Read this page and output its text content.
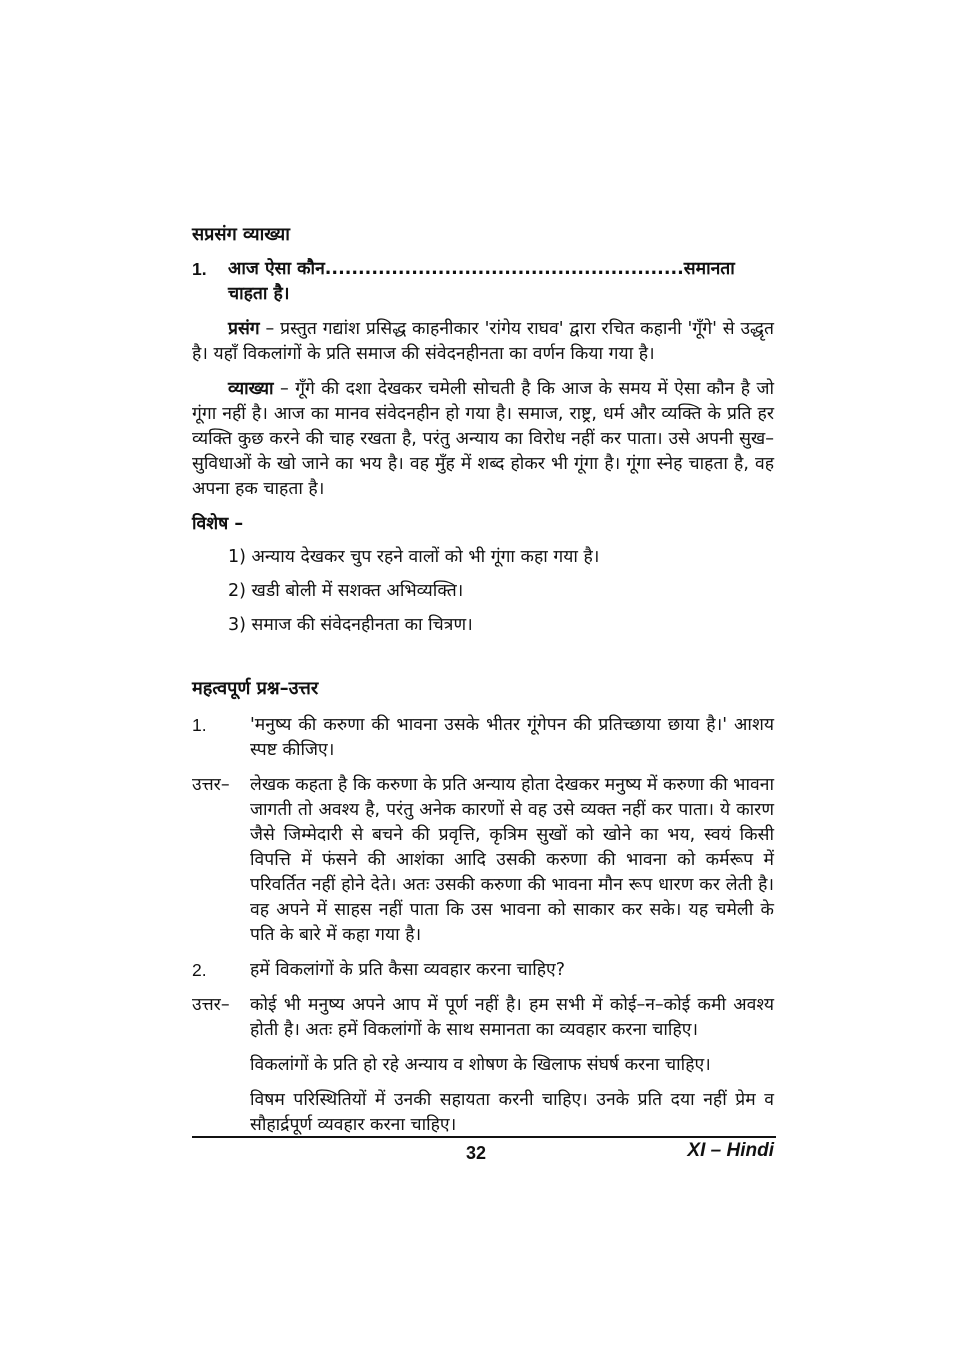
सप्रसंग व्याख्या
1.	आज ऐसा कौन......................................................समानता चाहता है।

प्रसंग – प्रस्तुत गद्यांश प्रसिद्ध काहनीकार 'रांगेय राघव' द्वारा रचित कहानी 'गूँगे' से उद्धृत है। यहाँ विकलांगों के प्रति समाज की संवेदनहीनता का वर्णन किया गया है।

व्याख्या – गूँगे की दशा देखकर चमेली सोचती है कि आज के समय में ऐसा कौन है जो गूंगा नहीं है। आज का मानव संवेदनहीन हो गया है। समाज, राष्ट्र, धर्म और व्यक्ति के प्रति हर व्यक्ति कुछ करने की चाह रखता है, परंतु अन्याय का विरोध नहीं कर पाता। उसे अपनी सुख–सुविधाओं के खो जाने का भय है। वह मुँह में शब्द होकर भी गूंगा है। गूंगा स्नेह चाहता है, वह अपना हक चाहता है।

विशेष –
1) अन्याय देखकर चुप रहने वालों को भी गूंगा कहा गया है।
2) खडी बोली में सशक्त अभिव्यक्ति।
3) समाज की संवेदनहीनता का चित्रण।
महत्वपूर्ण प्रश्न–उत्तर
1.	'मनुष्य की करुणा की भावना उसके भीतर गूंगेपन की प्रतिच्छाया छाया है।' आशय स्पष्ट कीजिए।
उत्तर–	लेखक कहता है कि करुणा के प्रति अन्याय होता देखकर मनुष्य में करुणा की भावना जागती तो अवश्य है, परंतु अनेक कारणों से वह उसे व्यक्त नहीं कर पाता। ये कारण जैसे जिम्मेदारी से बचने की प्रवृत्ति, कृत्रिम सुखों को खोने का भय, स्वयं किसी विपत्ति में फंसने की आशंका आदि उसकी करुणा की भावना को कर्मरूप में परिवर्तित नहीं होने देते। अतः उसकी करुणा की भावना मौन रूप धारण कर लेती है। वह अपने में साहस नहीं पाता कि उस भावना को साकार कर सके। यह चमेली के पति के बारे में कहा गया है।
2.	हमें विकलांगों के प्रति कैसा व्यवहार करना चाहिए?
उत्तर–	कोई भी मनुष्य अपने आप में पूर्ण नहीं है। हम सभी में कोई–न–कोई कमी अवश्य होती है। अतः हमें विकलांगों के साथ समानता का व्यवहार करना चाहिए।
विकलांगों के प्रति हो रहे अन्याय व शोषण के खिलाफ संघर्ष करना चाहिए।
विषम परिस्थितियों में उनकी सहायता करनी चाहिए। उनके प्रति दया नहीं प्रेम व सौहार्द्रपूर्ण व्यवहार करना चाहिए।
32	XI – Hindi
